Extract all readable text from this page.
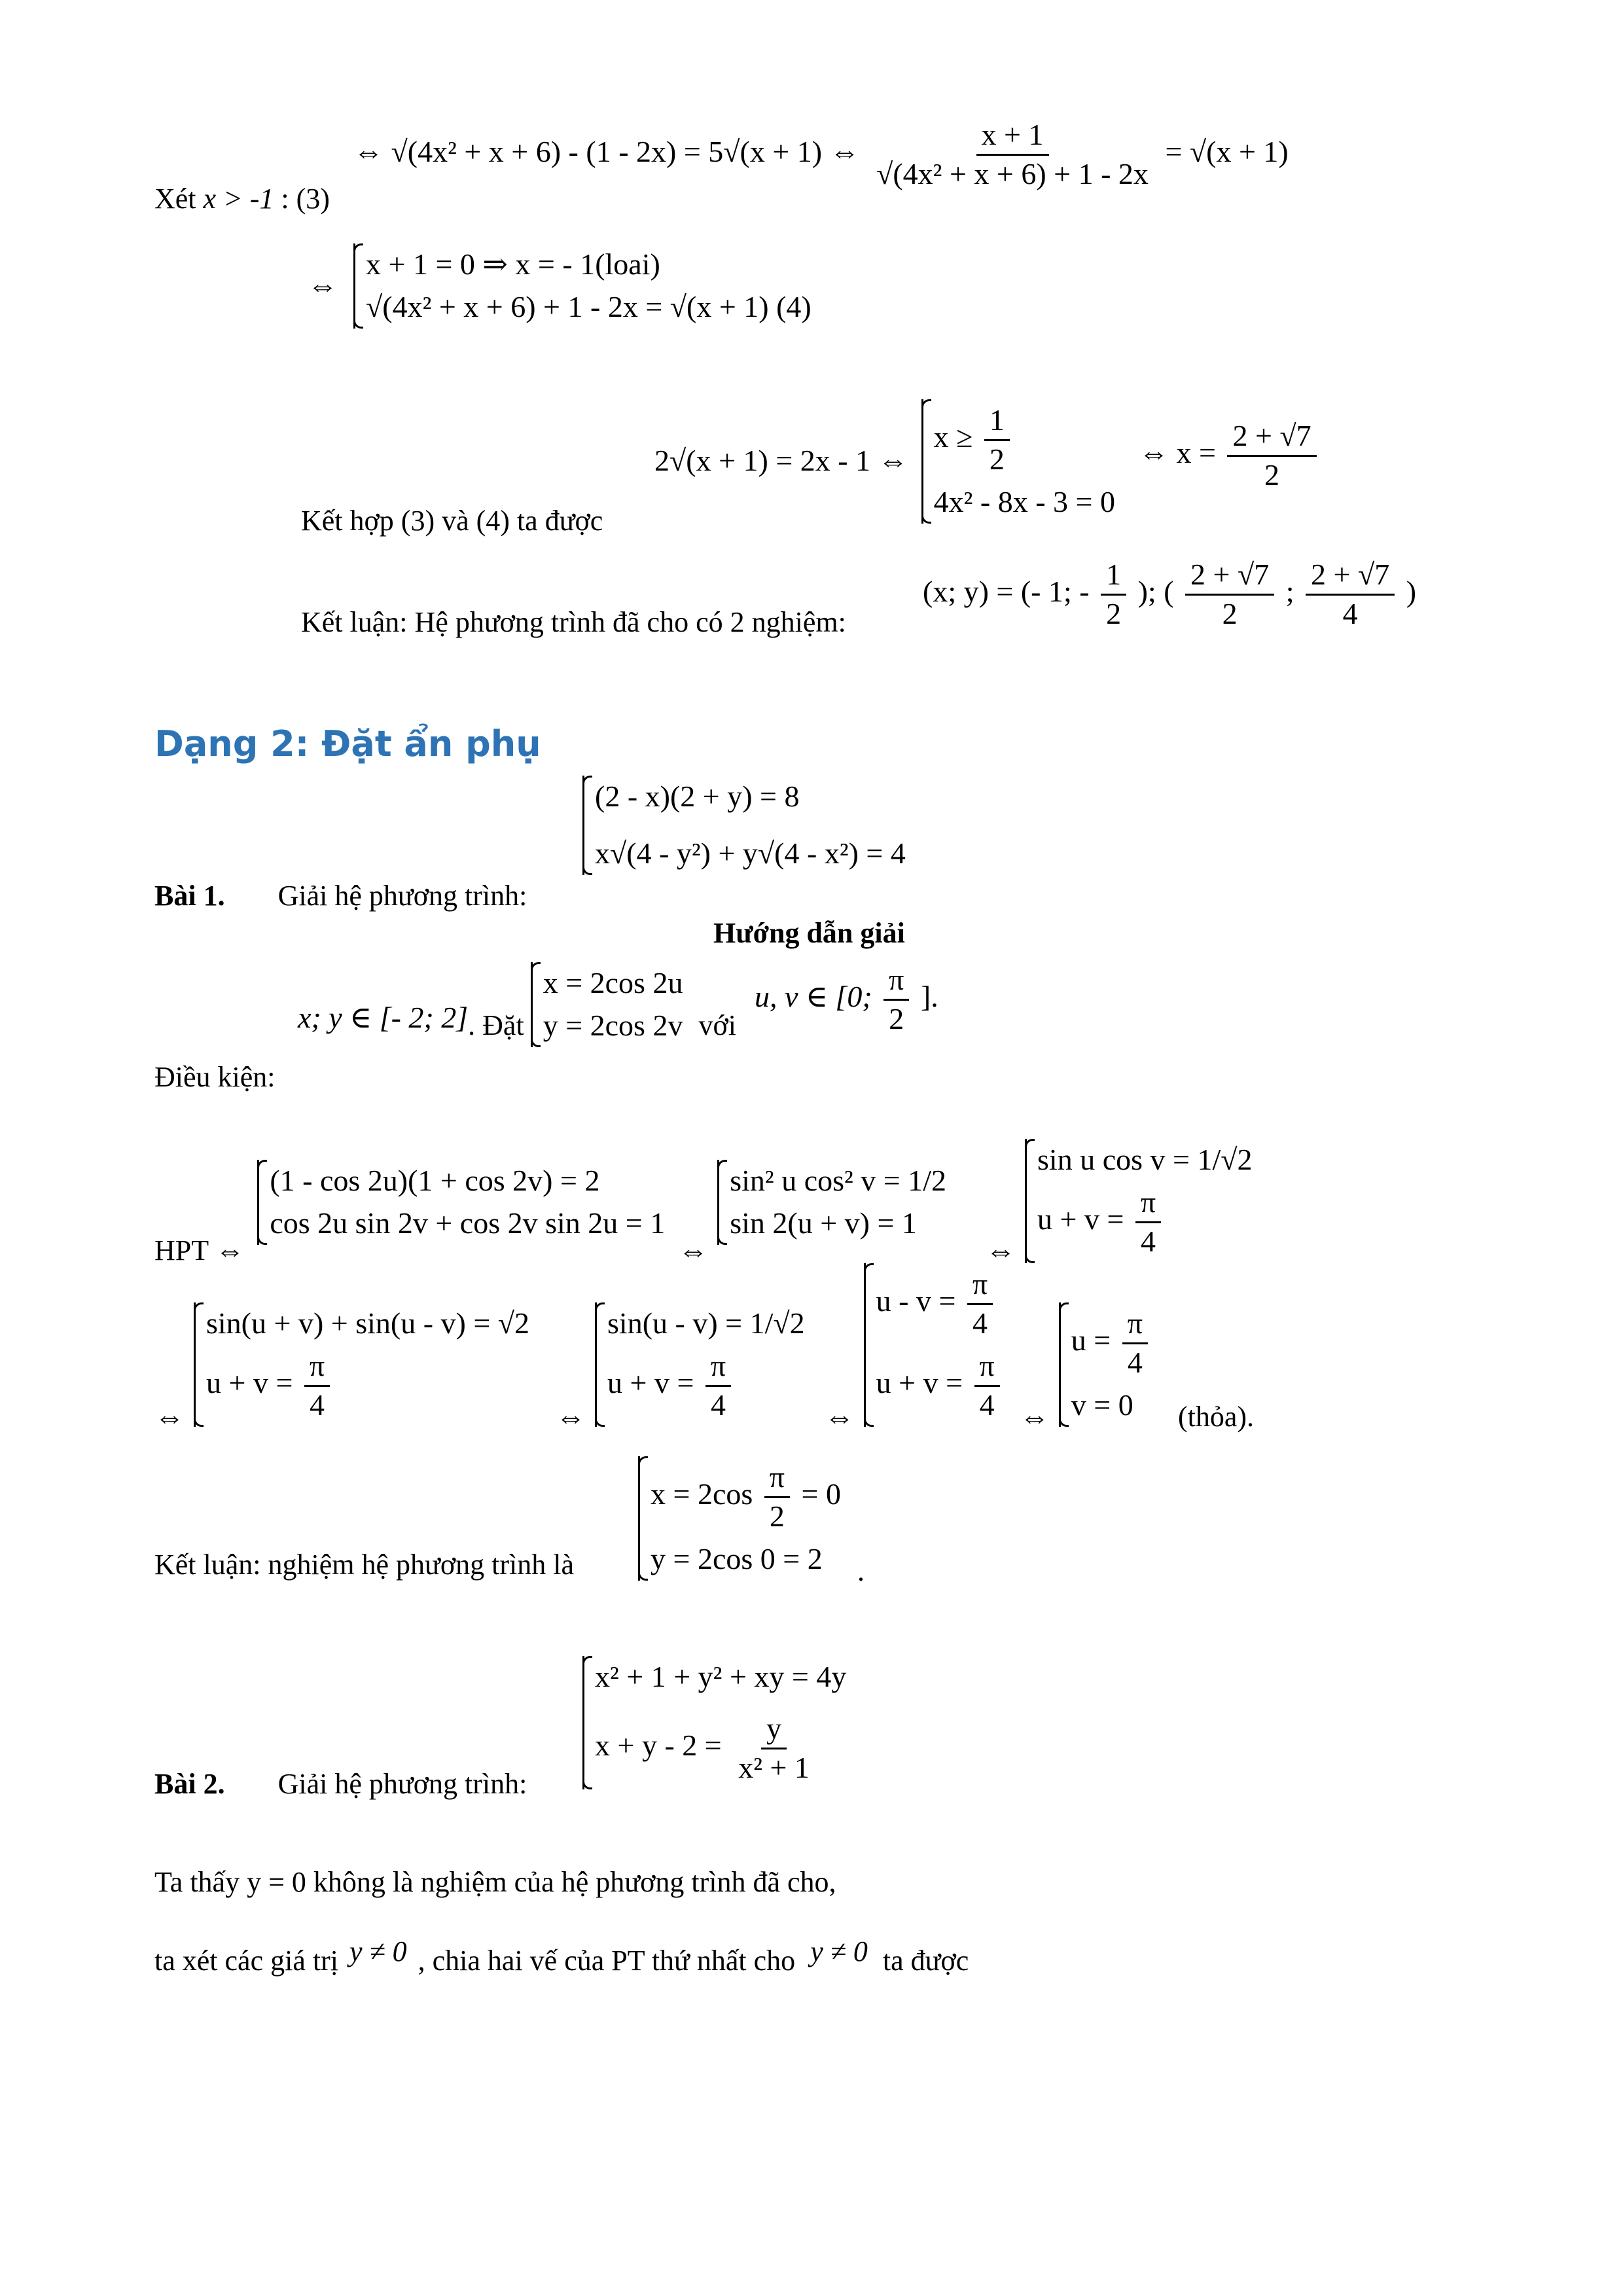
⇔ √(4x² + x + 6) - (1 - 2x) = 5√(x + 1) ⇔ $\frac{x + 1}{\text{√(4x² + x + 6) + 1 - 2x}} = √(x + 1)$
Xét x > -1 : (3)
⇔
x + 1 = 0 ⇒ x = - 1(loai)
√(4x² + x + 6) + 1 - 2x = √(x + 1) (4)
2√(x + 1) = 2x - 1 ⇔
$x \ge \frac{1}{2}$
4x² - 8x - 3 = 0
⇔ $x = \frac{2 + √7}{2}$
Kết hợp (3) và (4) ta được
(x; y) = (- 1; - $\frac{1}{2}$ ); ( $\frac{2 + √7}{2}$ ; $\frac{2 + √7}{4}$ )
Kết luận: Hệ phương trình đã cho có 2 nghiệm:
Dạng 2: Đặt ẩn phụ
(2 - x)(2 + y) = 8
x√(4 - y²) + y√(4 - x²) = 4
Bài 1. Giải hệ phương trình:
Hướng dẫn giải
x; y ∈ [- 2; 2] . Đặt
x = 2cos 2u
y = 2cos 2v với
u, v ∈ [0; $\frac{\pi}{2}$ ].
Điều kiện:
HPT ⇔
(1 - cos 2u)(1 + cos 2v) = 2
cos 2u sin 2v + cos 2v sin 2u = 1
⇔
sin² u cos² v = 1/2
sin 2(u + v) = 1
⇔
sin u cos v = 1/√2
$u + v = \frac{\pi}{4}$
⇔
sin(u + v) + sin(u - v) = √2
$u + v = \frac{\pi}{4}$	⇔
sin(u - v) = 1/√2
$u + v = \frac{\pi}{4}$	⇔
$u - v = \frac{\pi}{4}$
$u + v = \frac{\pi}{4}$ ⇔
$u = \frac{\pi}{4}$
v = 0	(thỏa).
$x = 2\cos \frac{\pi}{2} = 0$
y = 2cos 0 = 2
Kết luận: nghiệm hệ phương trình là	.
x² + 1 + y² + xy = 4y
$x + y - 2 = \frac{y}{\text{x² + 1}}$
Bài 2. Giải hệ phương trình:
Ta thấy y = 0 không là nghiệm của hệ phương trình đã cho,
ta xét các giá trị y ≠ 0 , chia hai vế của PT thứ nhất cho y ≠ 0 ta được
